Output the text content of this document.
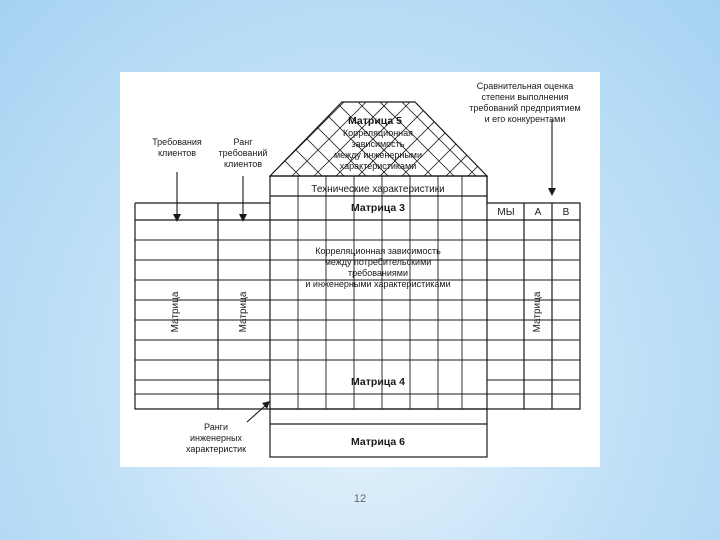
Матрица 5
Корреляционная
зависимость
между инженерными
характеристиками
Технические характеристики
Матрица 3
Корреляционная зависимость
между потребительскими
требованиями
и инженерными характеристиками
Матрица 4
Матрица 6
Матрица	Матрица	Матрица
МЫ А В
Требования
клиентов
Ранг
требований
клиентов
Сравнительная оценка
степени выполнения
требований предприятием
и его конкурентами
Ранги
инженерных
характеристик
12
